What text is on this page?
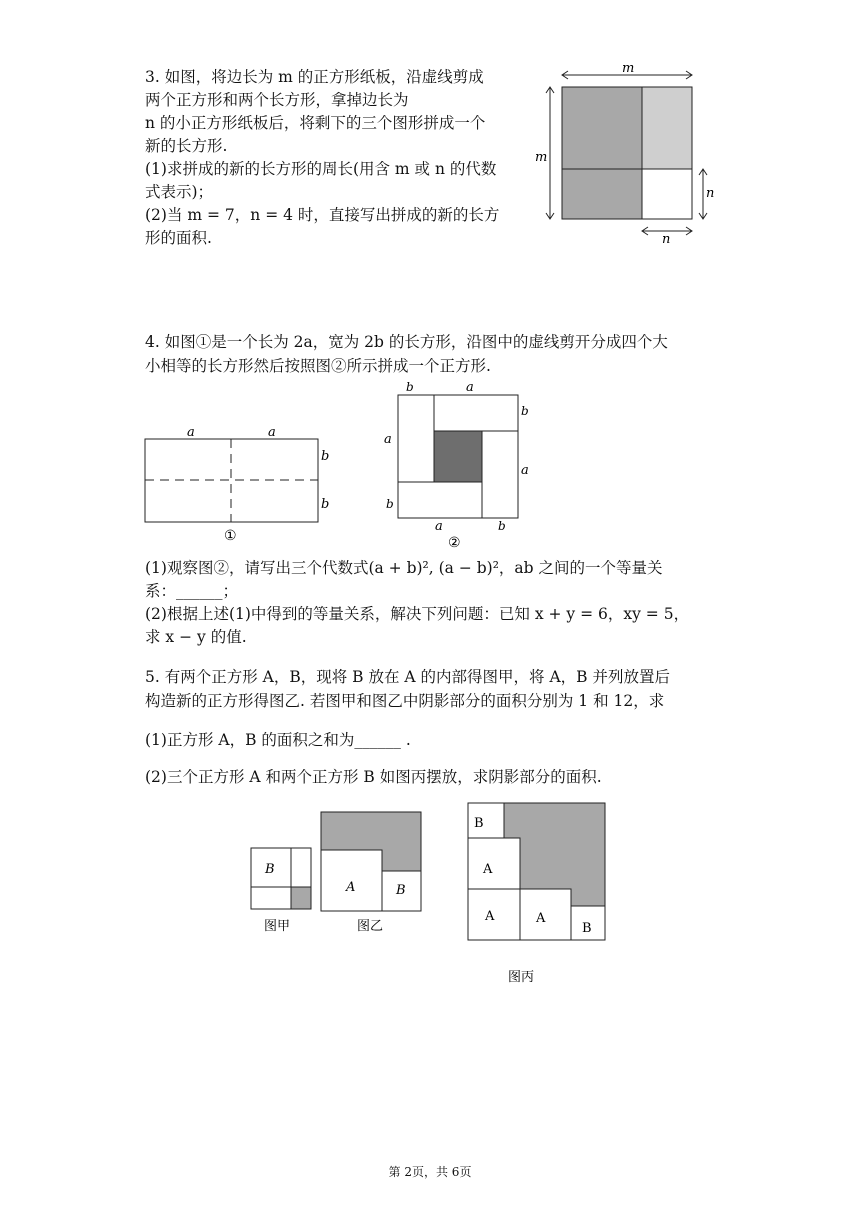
3. 如图，将边长为 m 的正方形纸板，沿虚线剪成
两个正方形和两个长方形，拿掉边长为
n 的小正方形纸板后，将剩下的三个图形拼成一个
新的长方形.
(1)求拼成的新的长方形的周长(用含 m 或 n 的代数
式表示)；
(2)当 m = 7，n = 4 时，直接写出拼成的新的长方
形的面积.
m
m
n
n
4. 如图①是一个长为 2a，宽为 2b 的长方形，沿图中的虚线剪开分成四个大
小相等的长方形然后按照图②所示拼成一个正方形.
a	a
b
b
①
b	a
b
a
a
b
a	b
②
(1)观察图②，请写出三个代数式(a + b)², (a − b)²，ab 之间的一个等量关
系：______；
(2)根据上述(1)中得到的等量关系，解决下列问题：已知 x + y = 6，xy = 5，
求 x − y 的值.
5. 有两个正方形 A，B，现将 B 放在 A 的内部得图甲，将 A，B 并列放置后
构造新的正方形得图乙. 若图甲和图乙中阴影部分的面积分别为 1 和 12，求
(1)正方形 A，B 的面积之和为______ .
(2)三个正方形 A 和两个正方形 B 如图丙摆放，求阴影部分的面积.
B
图甲
A	B
图乙
B
A
A	A
B
图丙
第 2页，共 6页
